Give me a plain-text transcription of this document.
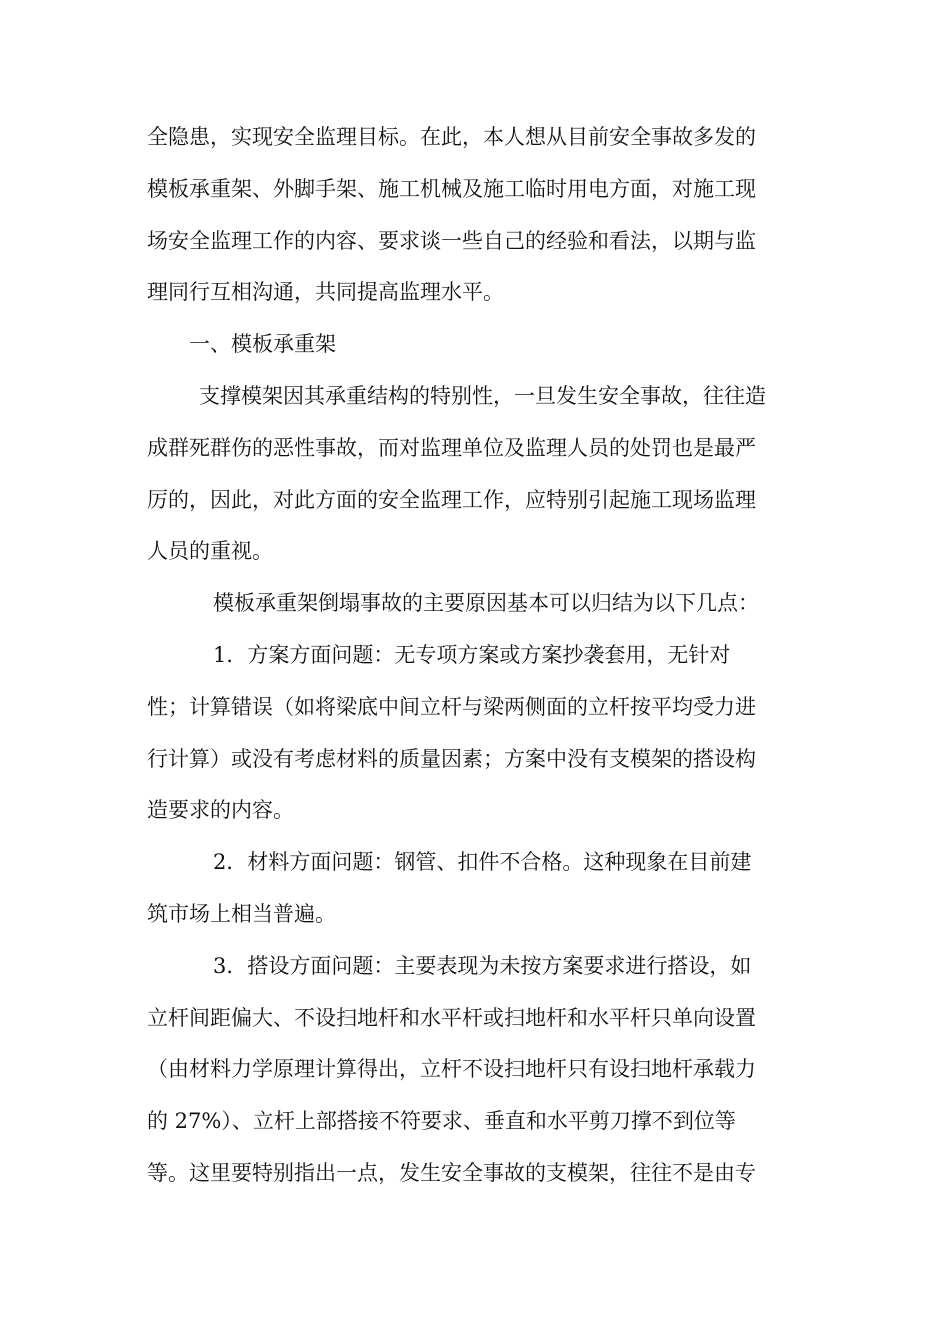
全隐患，实现安全监理目标。在此，本人想从目前安全事故多发的
模板承重架、外脚手架、施工机械及施工临时用电方面，对施工现
场安全监理工作的内容、要求谈一些自己的经验和看法，以期与监
理同行互相沟通，共同提高监理水平。
一、模板承重架
支撑模架因其承重结构的特别性，一旦发生安全事故，往往造
成群死群伤的恶性事故，而对监理单位及监理人员的处罚也是最严
厉的，因此，对此方面的安全监理工作，应特别引起施工现场监理
人员的重视。
模板承重架倒塌事故的主要原因基本可以归结为以下几点：
1．方案方面问题：无专项方案或方案抄袭套用，无针对
性；计算错误（如将梁底中间立杆与梁两侧面的立杆按平均受力进
行计算）或没有考虑材料的质量因素；方案中没有支模架的搭设构
造要求的内容。
2．材料方面问题：钢管、扣件不合格。这种现象在目前建
筑市场上相当普遍。
3．搭设方面问题：主要表现为未按方案要求进行搭设，如
立杆间距偏大、不设扫地杆和水平杆或扫地杆和水平杆只单向设置
（由材料力学原理计算得出，立杆不设扫地杆只有设扫地杆承载力
的 27%）、立杆上部搭接不符要求、垂直和水平剪刀撑不到位等
等。这里要特别指出一点，发生安全事故的支模架，往往不是由专
